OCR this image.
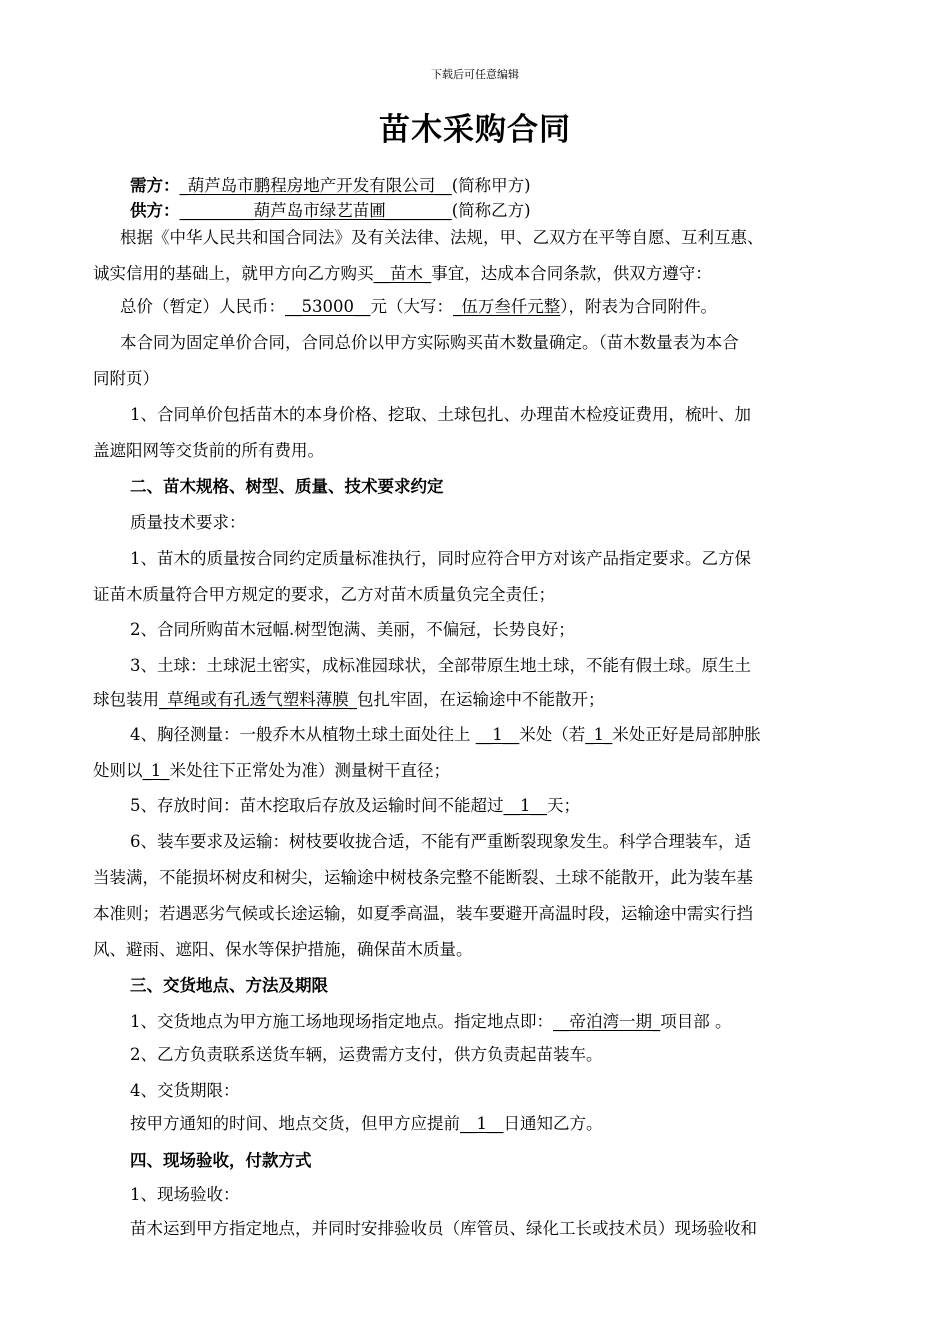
下载后可任意编辑
苗木采购合同
需方：_葫芦岛市鹏程房地产开发有限公司__(简称甲方)
供方：_________葫芦岛市绿艺苗圃________(简称乙方)
根据《中华人民共和国合同法》及有关法律、法规，甲、乙双方在平等自愿、互利互惠、
诚实信用的基础上，就甲方向乙方购买__苗木_事宜，达成本合同条款，供双方遵守：
总价（暂定）人民币：__53000__元（大写：_伍万叁仟元整），附表为合同附件。
本合同为固定单价合同，合同总价以甲方实际购买苗木数量确定。（苗木数量表为本合
同附页）
1、合同单价包括苗木的本身价格、挖取、土球包扎、办理苗木检疫证费用，梳叶、加
盖遮阳网等交货前的所有费用。
二、苗木规格、树型、质量、技术要求约定
质量技术要求：
1、苗木的质量按合同约定质量标准执行，同时应符合甲方对该产品指定要求。乙方保
证苗木质量符合甲方规定的要求，乙方对苗木质量负完全责任；
2、合同所购苗木冠幅.树型饱满、美丽，不偏冠，长势良好；
3、土球：土球泥土密实，成标准园球状，全部带原生地土球，不能有假土球。原生土
球包装用_草绳或有孔透气塑料薄膜_包扎牢固，在运输途中不能散开；
4、胸径测量：一般乔木从植物土球土面处往上 __1__米处（若_1_米处正好是局部肿胀
处则以_1_米处往下正常处为准）测量树干直径；
5、存放时间：苗木挖取后存放及运输时间不能超过__1__天；
6、装车要求及运输：树枝要收拢合适，不能有严重断裂现象发生。科学合理装车，适
当装满，不能损坏树皮和树尖，运输途中树枝条完整不能断裂、土球不能散开，此为装车基
本准则；若遇恶劣气候或长途运输，如夏季高温，装车要避开高温时段，运输途中需实行挡
风、避雨、遮阳、保水等保护措施，确保苗木质量。
三、交货地点、方法及期限
1、交货地点为甲方施工场地现场指定地点。指定地点即：__帝泊湾一期_项目部 。
2、乙方负责联系送货车辆，运费需方支付，供方负责起苗装车。
4、交货期限：
按甲方通知的时间、地点交货，但甲方应提前__1__日通知乙方。
四、现场验收，付款方式
1、现场验收：
苗木运到甲方指定地点，并同时安排验收员（库管员、绿化工长或技术员）现场验收和
